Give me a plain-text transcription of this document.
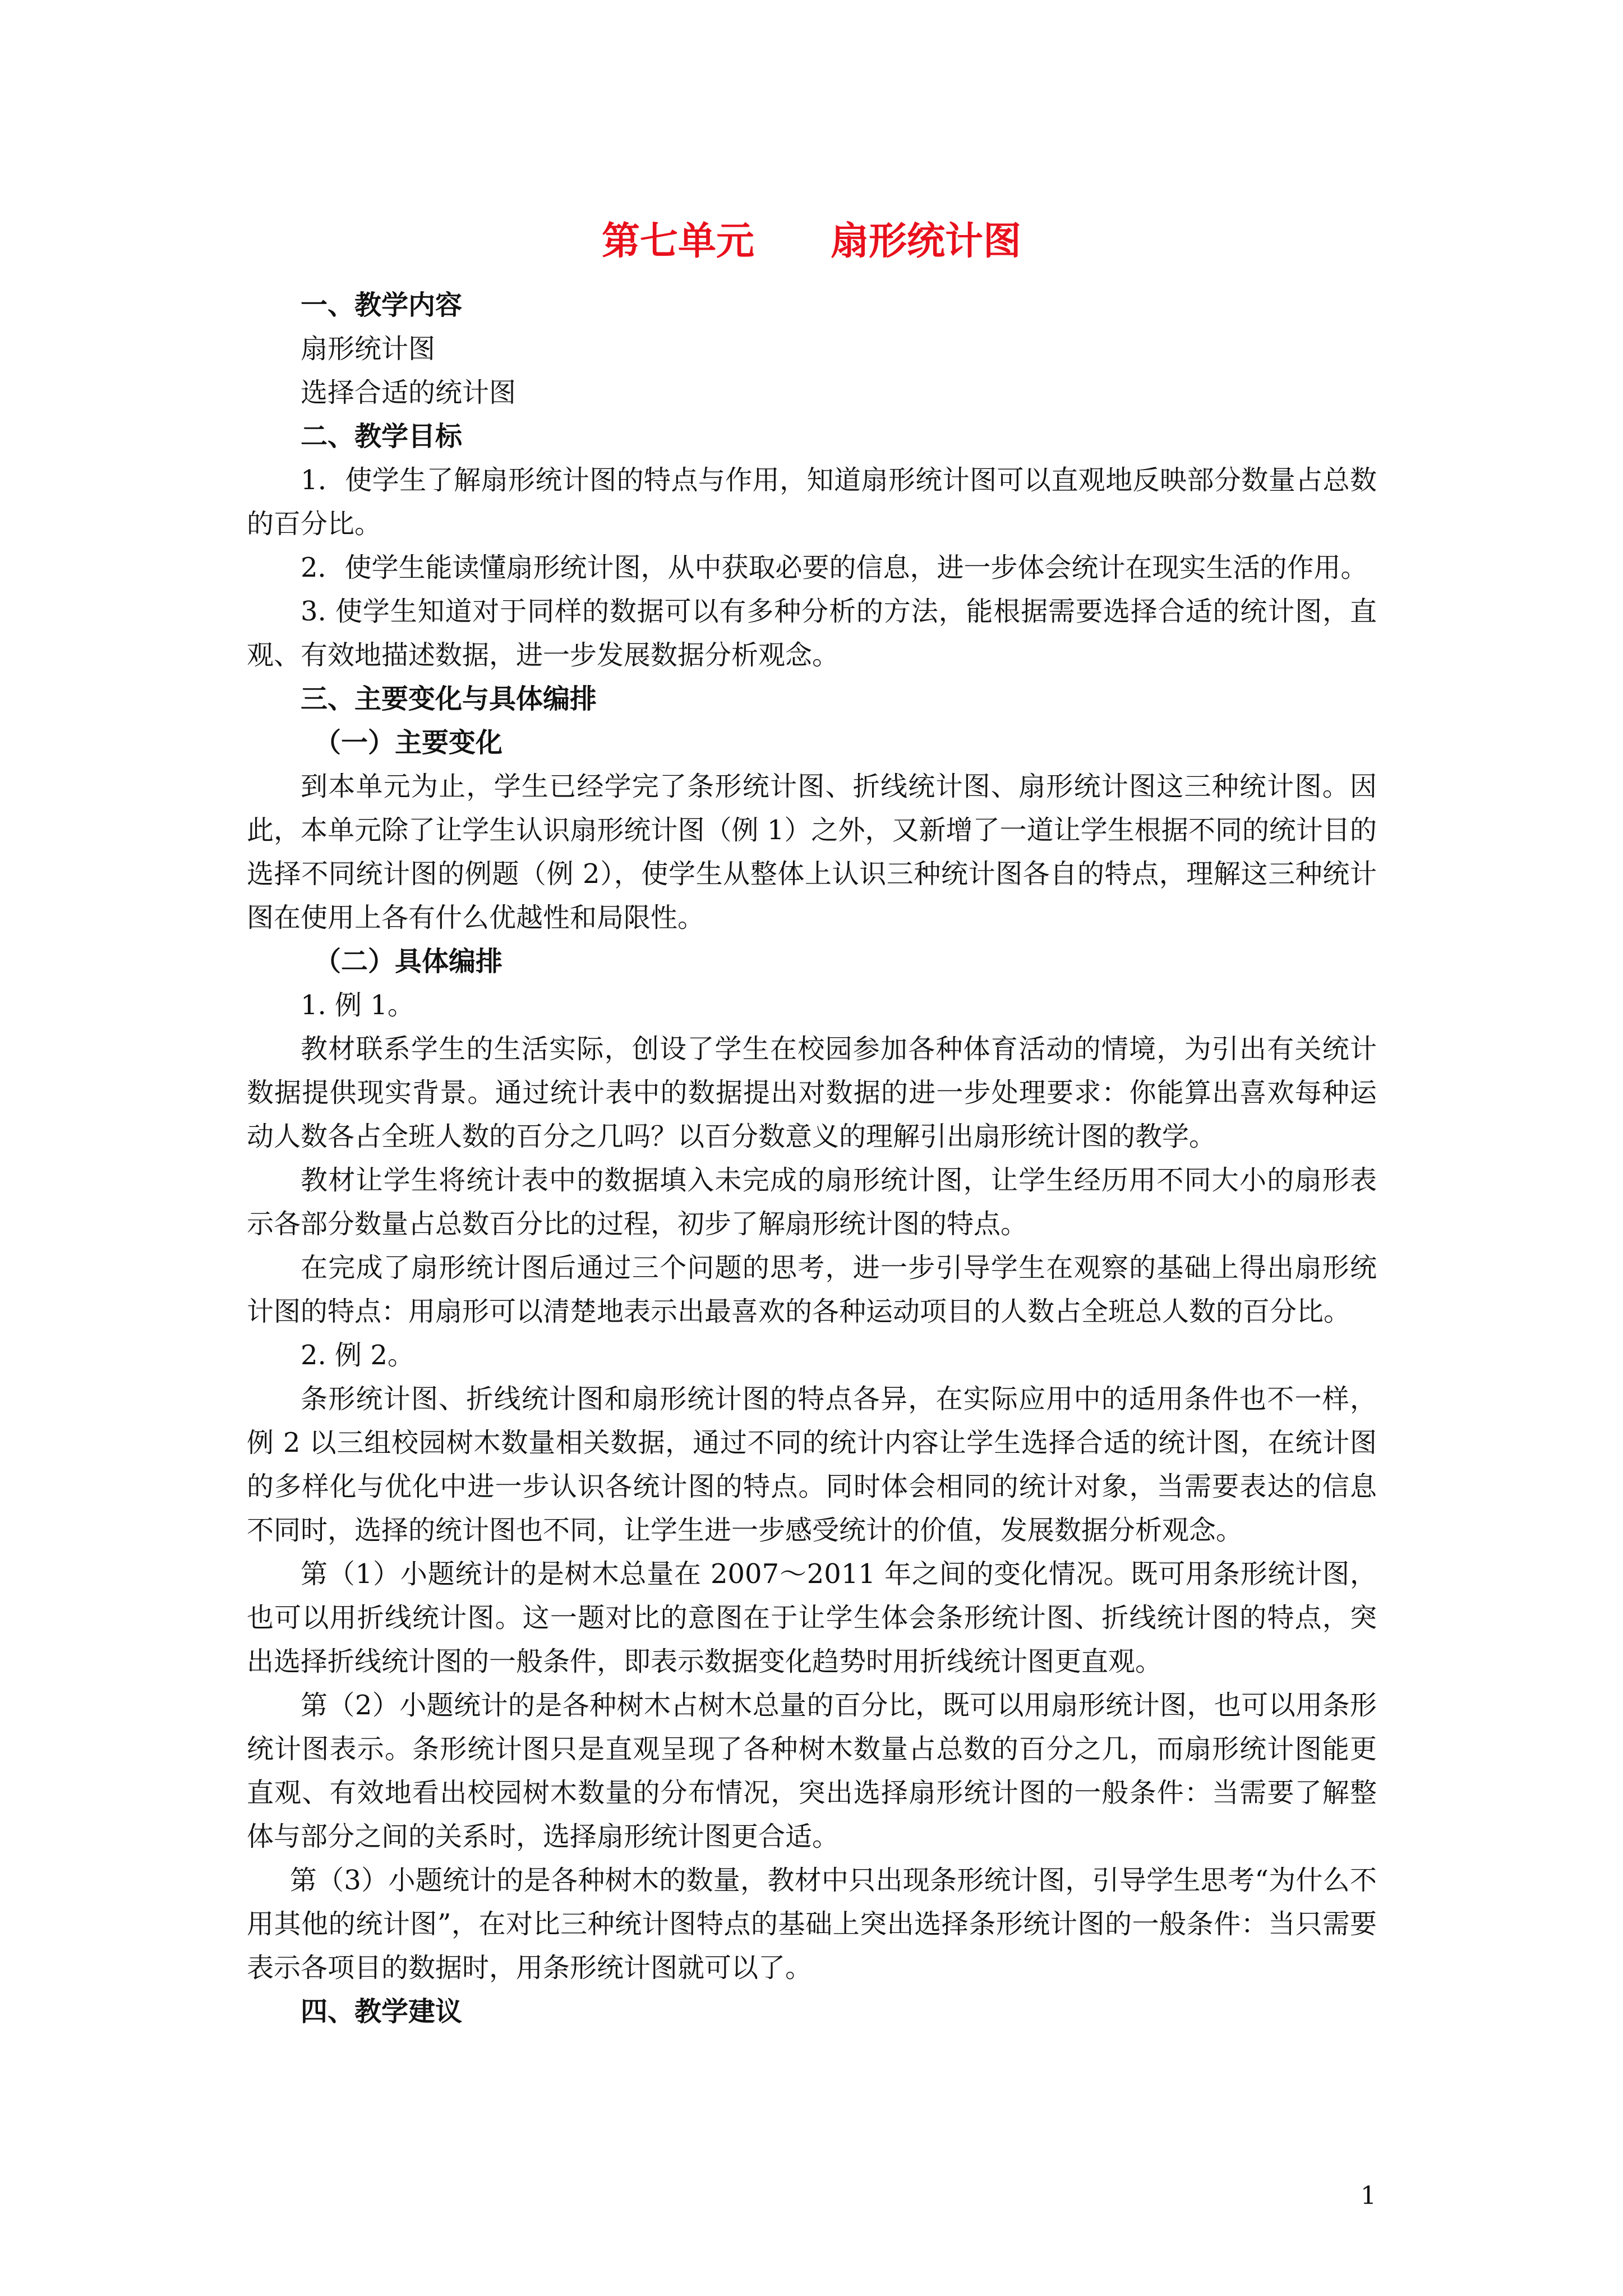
第七单元　　扇形统计图

一、教学内容

扇形统计图

选择合适的统计图

二、教学目标

1．使学生了解扇形统计图的特点与作用，知道扇形统计图可以直观地反映部分数量占总数的百分比。

2．使学生能读懂扇形统计图，从中获取必要的信息，进一步体会统计在现实生活的作用。

3. 使学生知道对于同样的数据可以有多种分析的方法，能根据需要选择合适的统计图，直观、有效地描述数据，进一步发展数据分析观念。

三、主要变化与具体编排

（一）主要变化

到本单元为止，学生已经学完了条形统计图、折线统计图、扇形统计图这三种统计图。因此，本单元除了让学生认识扇形统计图（例 1）之外，又新增了一道让学生根据不同的统计目的选择不同统计图的例题（例 2），使学生从整体上认识三种统计图各自的特点，理解这三种统计图在使用上各有什么优越性和局限性。

（二）具体编排

1. 例 1。

教材联系学生的生活实际，创设了学生在校园参加各种体育活动的情境，为引出有关统计数据提供现实背景。通过统计表中的数据提出对数据的进一步处理要求：你能算出喜欢每种运动人数各占全班人数的百分之几吗？以百分数意义的理解引出扇形统计图的教学。

教材让学生将统计表中的数据填入未完成的扇形统计图，让学生经历用不同大小的扇形表示各部分数量占总数百分比的过程，初步了解扇形统计图的特点。

在完成了扇形统计图后通过三个问题的思考，进一步引导学生在观察的基础上得出扇形统计图的特点：用扇形可以清楚地表示出最喜欢的各种运动项目的人数占全班总人数的百分比。

2. 例 2。

条形统计图、折线统计图和扇形统计图的特点各异，在实际应用中的适用条件也不一样，例 2 以三组校园树木数量相关数据，通过不同的统计内容让学生选择合适的统计图，在统计图的多样化与优化中进一步认识各统计图的特点。同时体会相同的统计对象，当需要表达的信息不同时，选择的统计图也不同，让学生进一步感受统计的价值，发展数据分析观念。

第（1）小题统计的是树木总量在 2007～2011 年之间的变化情况。既可用条形统计图，也可以用折线统计图。这一题对比的意图在于让学生体会条形统计图、折线统计图的特点，突出选择折线统计图的一般条件，即表示数据变化趋势时用折线统计图更直观。

第（2）小题统计的是各种树木占树木总量的百分比，既可以用扇形统计图，也可以用条形统计图表示。条形统计图只是直观呈现了各种树木数量占总数的百分之几，而扇形统计图能更直观、有效地看出校园树木数量的分布情况，突出选择扇形统计图的一般条件：当需要了解整体与部分之间的关系时，选择扇形统计图更合适。

第（3）小题统计的是各种树木的数量，教材中只出现条形统计图，引导学生思考“为什么不用其他的统计图”，在对比三种统计图特点的基础上突出选择条形统计图的一般条件：当只需要表示各项目的数据时，用条形统计图就可以了。

四、教学建议

1
